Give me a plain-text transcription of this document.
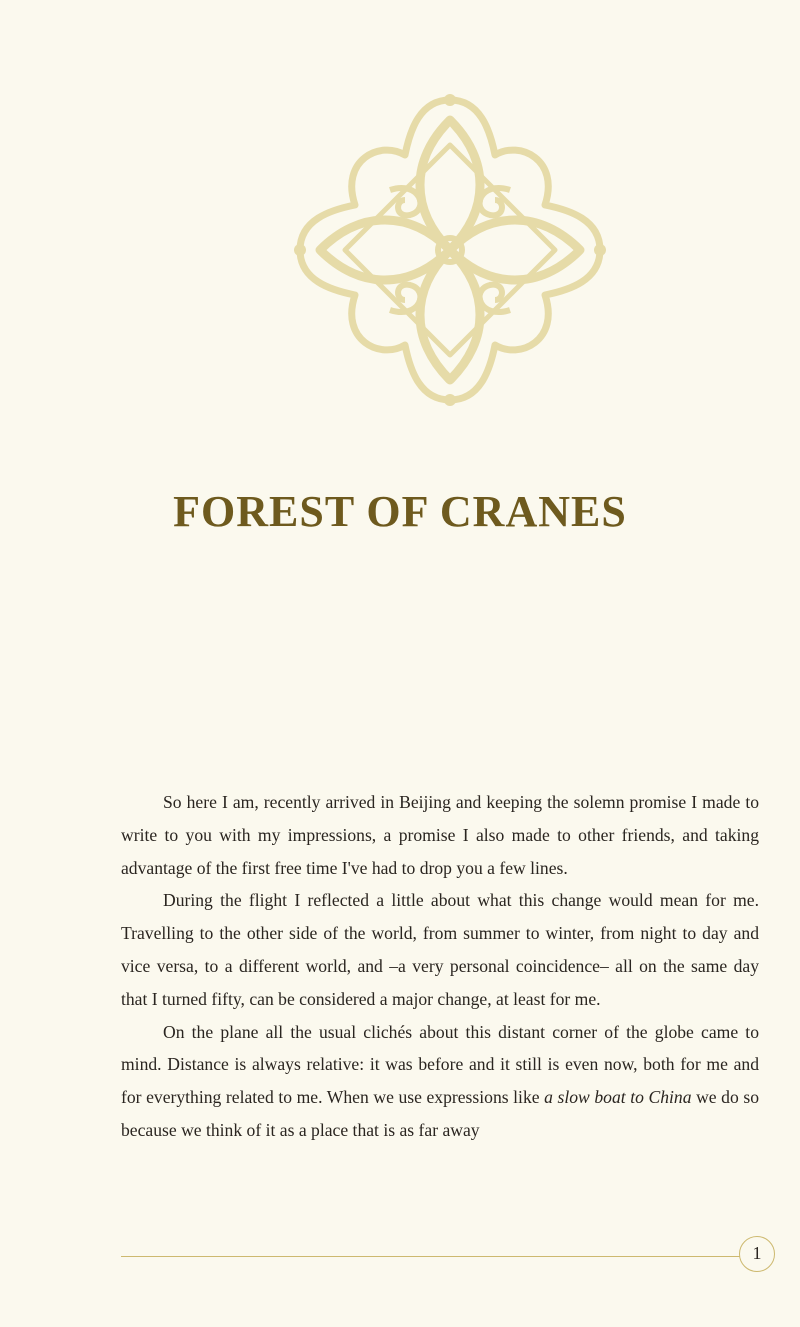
FOREST OF CRANES

So here I am, recently arrived in Beijing and keeping the solemn promise I made to write to you with my impressions, a promise I also made to other friends, and taking advantage of the first free time I've had to drop you a few lines.

During the flight I reflected a little about what this change would mean for me. Travelling to the other side of the world, from summer to winter, from night to day and vice versa, to a different world, and –a very personal coincidence– all on the same day that I turned fifty, can be considered a major change, at least for me.

On the plane all the usual clichés about this distant corner of the globe came to mind. Distance is always relative: it was before and it still is even now, both for me and for everything related to me. When we use expressions like a slow boat to China we do so because we think of it as a place that is as far away

1
